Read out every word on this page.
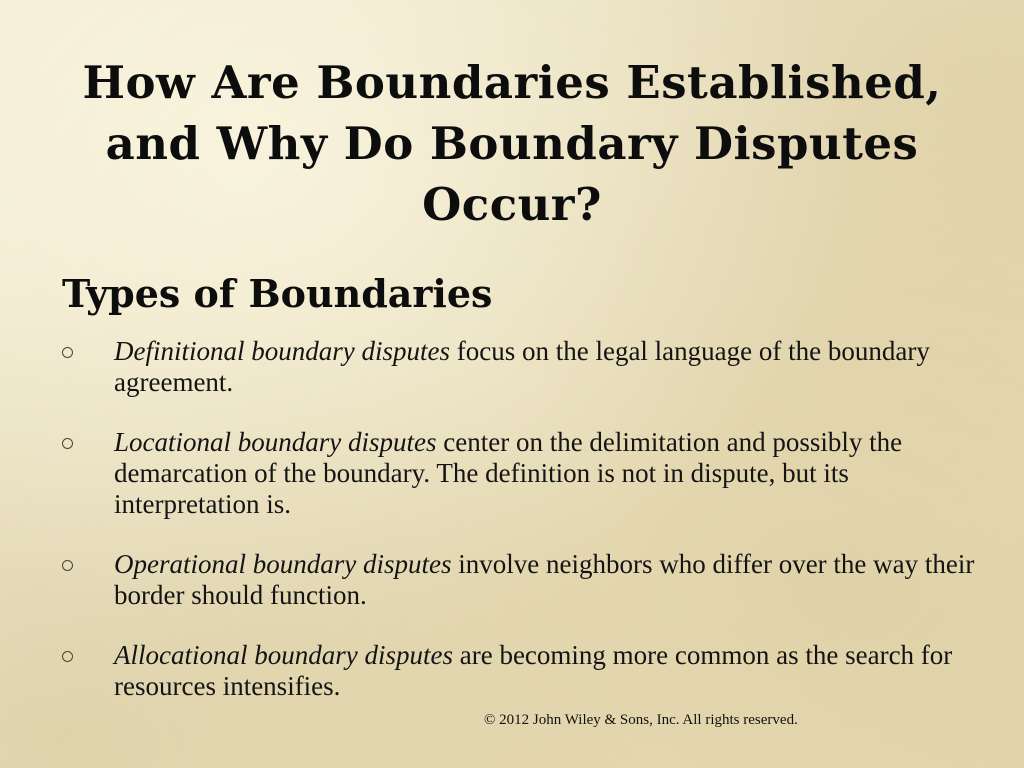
How Are Boundaries Established, and Why Do Boundary Disputes Occur?
Types of Boundaries
Definitional boundary disputes focus on the legal language of the boundary agreement.
Locational boundary disputes center on the delimitation and possibly the demarcation of the boundary. The definition is not in dispute, but its interpretation is.
Operational boundary disputes involve neighbors who differ over the way their border should function.
Allocational boundary disputes are becoming more common as the search for resources intensifies.

© 2012 John Wiley & Sons, Inc. All rights reserved.
